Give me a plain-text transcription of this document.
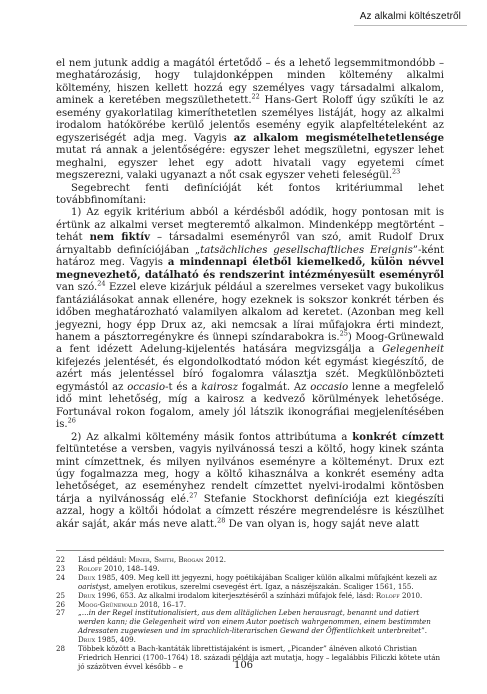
Az alkalmi költészetről

el nem jutunk addig a magától értetődő – és a lehető legsemmitmondóbb – meghatározásig, hogy tulajdonképpen minden költemény alkalmi költemény, hiszen kellett hozzá egy személyes vagy társadalmi alkalom, aminek a keretében megszülethetett.$^{22}$ Hans-Gert Roloff úgy szűkíti le az esemény gyakorlatilag kimeríthetetlen személyes listáját, hogy az alkalmi irodalom hatókörébe kerülő jelentős esemény egyik alapfeltételeként az egyszeriségét adja meg. Vagyis az alkalom megismételhetetlensége mutat rá annak a jelentőségére: egyszer lehet megszületni, egyszer lehet meghalni, egyszer lehet egy adott hivatali vagy egyetemi címet megszerezni, valaki ugyanazt a nőt csak egyszer veheti feleségül.$^{23}$

Segebrecht fenti definícióját két fontos kritériummal lehet továbbfinomítani:

1) Az egyik kritérium abból a kérdésből adódik, hogy pontosan mit is értünk az alkalmi verset megteremtő alkalmon. Mindenképp megtörtént – tehát nem fiktív – társadalmi eseményről van szó, amit Rudolf Drux árnyaltabb definíciójában „tatsächliches gesellschaftliches Ereignis”-ként határoz meg. Vagyis a mindennapi életből kiemelkedő, külön névvel megnevezhető, datálható és rendszerint intézményesült eseményről van szó.$^{24}$ Ezzel eleve kizárjuk például a szerelmes verseket vagy bukolikus fantáziálásokat annak ellenére, hogy ezeknek is sokszor konkrét térben és időben meghatározható valamilyen alkalom ad keretet. (Azonban meg kell jegyezni, hogy épp Drux az, aki nemcsak a lírai műfajokra érti mindezt, hanem a pásztorregénykre és ünnepi színdarabokra is.$^{25}$) Moog-Grünewald a fent idézett Adelung-kijelentés hatására megvizsgálja a Gelegenheit kifejezés jelentését, és elgondolkodtató módon két egymást kiegészítő, de azért más jelentéssel bíró fogalomra választja szét. Megkülönbözteti egymástól az occasio-t és a kairosz fogalmát. Az occasio lenne a megfelelő idő mint lehetőség, míg a kairosz a kedvező körülmények lehetősége. Fortunával rokon fogalom, amely jól látszik ikonográfiai megjelenítésében is.$^{26}$

2) Az alkalmi költemény másik fontos attribútuma a konkrét címzett feltüntetése a versben, vagyis nyilvánossá teszi a költő, hogy kinek szánta mint címzettnek, és milyen nyilvános eseményre a költeményt. Drux ezt úgy fogalmazza meg, hogy a költő kihasználva a konkrét esemény adta lehetőséget, az eseményhez rendelt címzettet nyelvi-irodalmi köntösben tárja a nyilvánosság elé.$^{27}$ Stefanie Stockhorst definíciója ezt kiegészíti azzal, hogy a költői hódolat a címzett részére megrendelésre is készülhet akár saját, akár más neve alatt.$^{28}$ De van olyan is, hogy saját neve alatt

22 Lásd például: Miner, Smith, Brogan 2012.
23 Roloff 2010, 148–149.
24 Drux 1985, 409. Meg kell itt jegyezni, hogy poétikájában Scaliger külön alkalmi műfajként kezeli az oaristyst, amelyen erotikus, szerelmi csevegést ért. Igaz, a nászéjszakán. Scaliger 1561, 155.
25 Drux 1996, 653. Az alkalmi irodalom kiterjesztéséről a színházi műfajok felé, lásd: Roloff 2010.
26 Moog-Grünewald 2018, 16–17.
27 „…in der Regel institutionalisiert, aus dem alltäglichen Leben herausragt, benannt und datiert werden kann; die Gelegenheit wird von einem Autor poetisch wahrgenommen, einem bestimmten Adressaten zugewiesen und im sprachlich-literarischen Gewand der Öffentlichkeit unterbreitet”. Drux 1985, 409.
28 Többek között a Bach-kantáták librettistájaként is ismert, „Picander” álnéven alkotó Christian Friedrich Henrici (1700–1764) 18. századi példája azt mutatja, hogy – legalábbis Filiczki kötete után jó százötven évvel később – e	106
